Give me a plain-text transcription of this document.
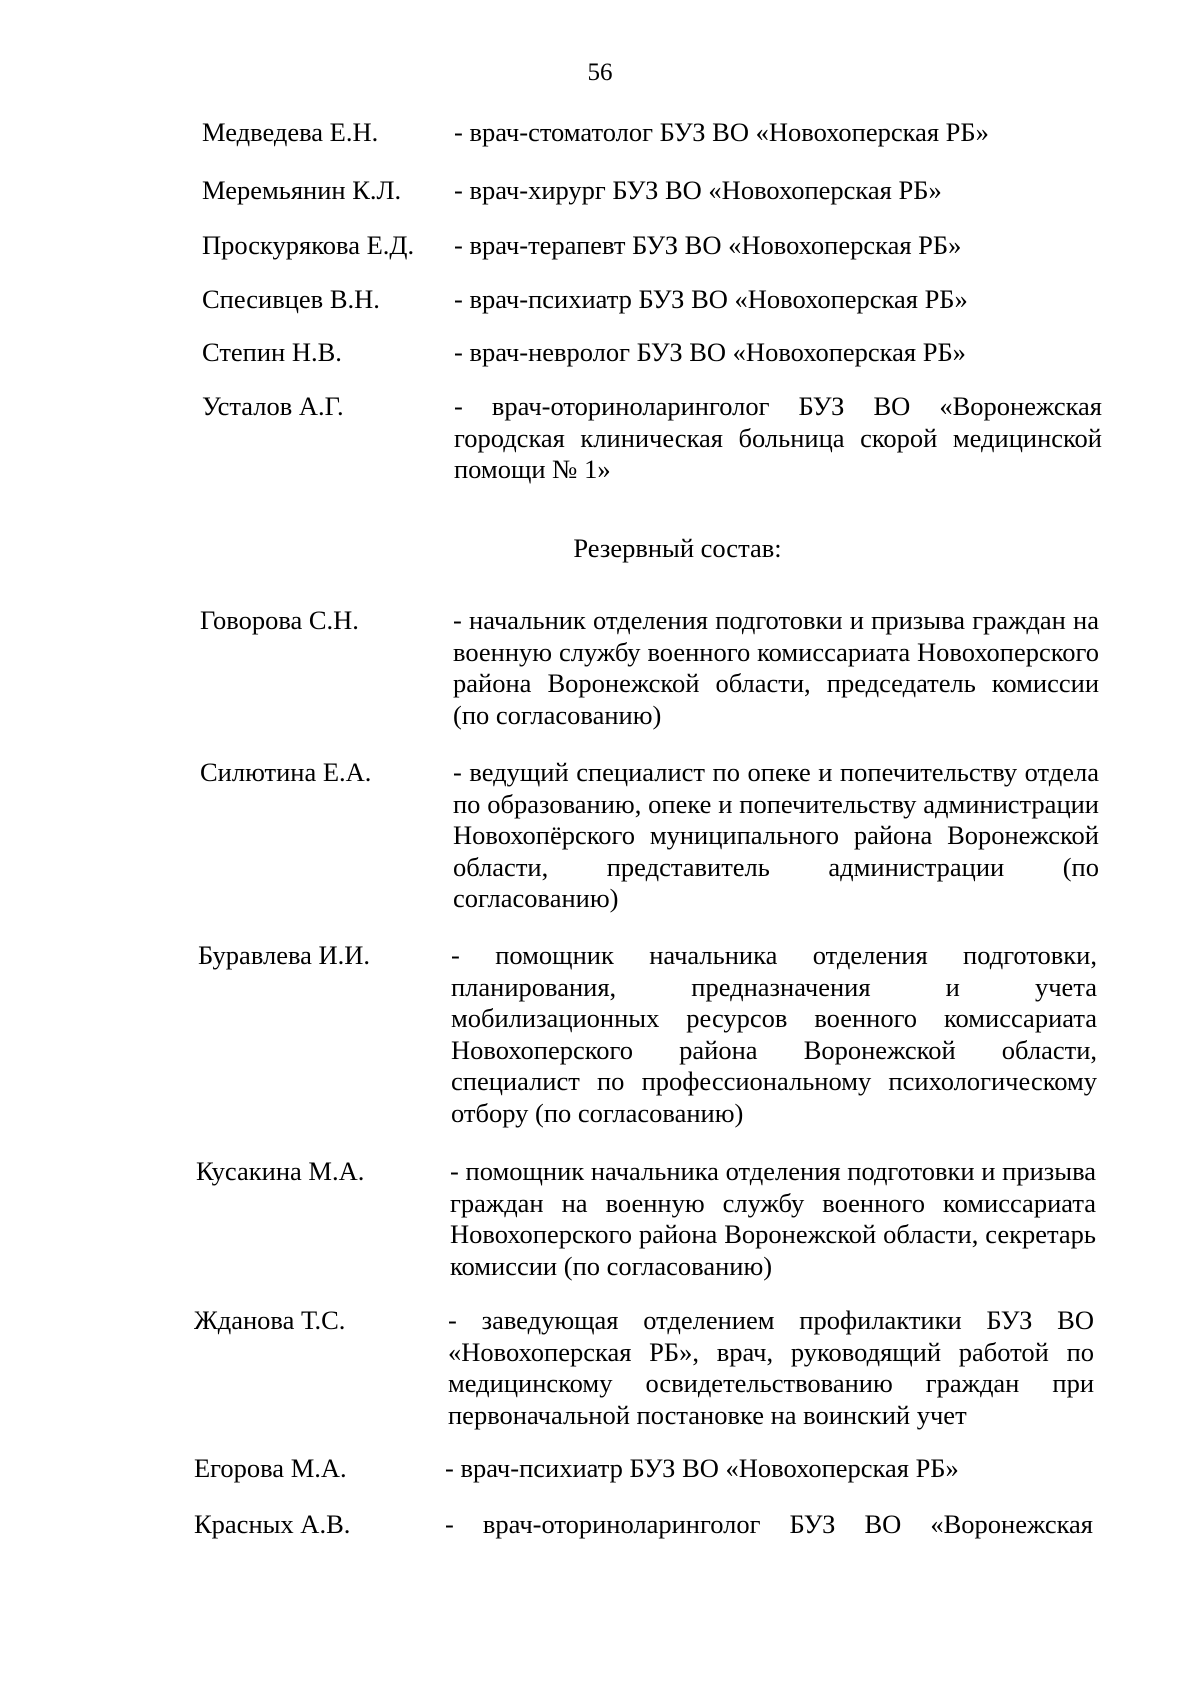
56
Медведева Е.Н.	- врач-стоматолог БУЗ ВО «Новохоперская РБ»
Меремьянин К.Л. - врач-хирург БУЗ ВО «Новохоперская РБ»
Проскурякова Е.Д. - врач-терапевт БУЗ ВО «Новохоперская РБ»
Спесивцев В.Н.	- врач-психиатр БУЗ ВО «Новохоперская РБ»
Степин Н.В.	- врач-невролог БУЗ ВО «Новохоперская РБ»
Усталов А.Г.	- врач-оториноларинголог БУЗ ВО «Воронежская городская клиническая больница скорой медицинской помощи № 1»
Резервный состав:
Говорова С.Н.	- начальник отделения подготовки и призыва граждан на военную службу военного комиссариата Новохоперского района Воронежской области, председатель комиссии (по согласованию)
Силютина Е.А.	- ведущий специалист по опеке и попечительству отдела по образованию, опеке и попечительству администрации Новохопёрского муниципального района Воронежской области, представитель администрации (по согласованию)
Буравлева И.И.	- помощник начальника отделения подготовки, планирования, предназначения и учета мобилизационных ресурсов военного комиссариата Новохоперского района Воронежской области, специалист по профессиональному психологическому отбору (по согласованию)
Кусакина М.А.	- помощник начальника отделения подготовки и призыва граждан на военную службу военного комиссариата Новохоперского района Воронежской области, секретарь комиссии (по согласованию)
Жданова Т.С.	- заведующая отделением профилактики БУЗ ВО «Новохоперская РБ», врач, руководящий работой по медицинскому освидетельствованию граждан при первоначальной постановке на воинский учет
Егорова М.А.	- врач-психиатр БУЗ ВО «Новохоперская РБ»
Красных А.В.	- врач-оториноларинголог БУЗ ВО «Воронежская
